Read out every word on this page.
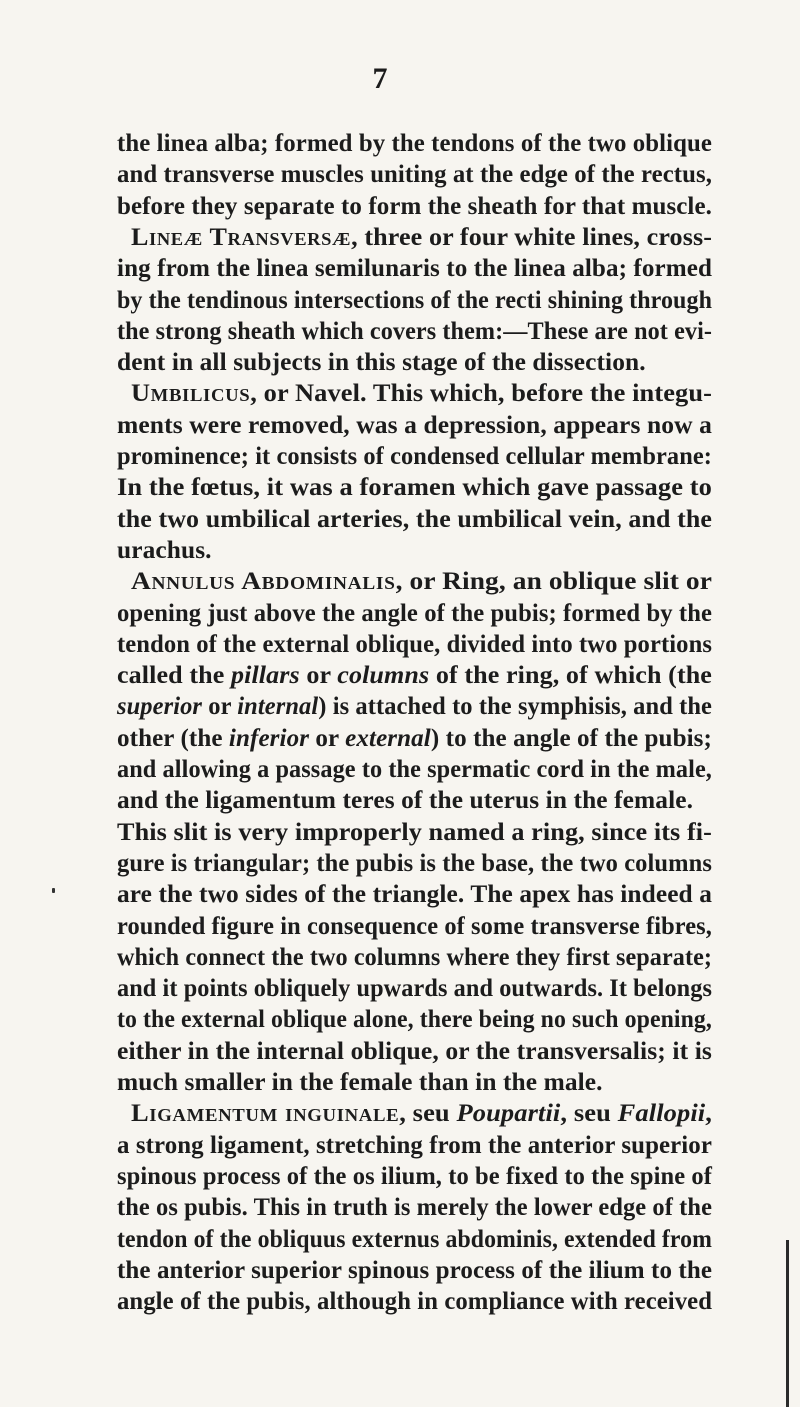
7
the linea alba; formed by the tendons of the two oblique
and transverse muscles uniting at the edge of the rectus,
before they separate to form the sheath for that muscle.
Lineæ Transversæ, three or four white lines, cross-
ing from the linea semilunaris to the linea alba; formed
by the tendinous intersections of the recti shining through
the strong sheath which covers them:—These are not evi-
dent in all subjects in this stage of the dissection.
Umbilicus, or Navel. This which, before the integu-
ments were removed, was a depression, appears now a
prominence; it consists of condensed cellular membrane:
In the fœtus, it was a foramen which gave passage to
the two umbilical arteries, the umbilical vein, and the
urachus.
Annulus Abdominalis, or Ring, an oblique slit or
opening just above the angle of the pubis; formed by the
tendon of the external oblique, divided into two portions
called the pillars or columns of the ring, of which (the
superior or internal) is attached to the symphisis, and the
other (the inferior or external) to the angle of the pubis;
and allowing a passage to the spermatic cord in the male,
and the ligamentum teres of the uterus in the female.
This slit is very improperly named a ring, since its fi-
gure is triangular; the pubis is the base, the two columns
are the two sides of the triangle. The apex has indeed a
rounded figure in consequence of some transverse fibres,
which connect the two columns where they first separate;
and it points obliquely upwards and outwards. It belongs
to the external oblique alone, there being no such opening,
either in the internal oblique, or the transversalis; it is
much smaller in the female than in the male.
Ligamentum inguinale, seu Poupartii, seu Fallopii,
a strong ligament, stretching from the anterior superior
spinous process of the os ilium, to be fixed to the spine of
the os pubis. This in truth is merely the lower edge of the
tendon of the obliquus externus abdominis, extended from
the anterior superior spinous process of the ilium to the
angle of the pubis, although in compliance with received
